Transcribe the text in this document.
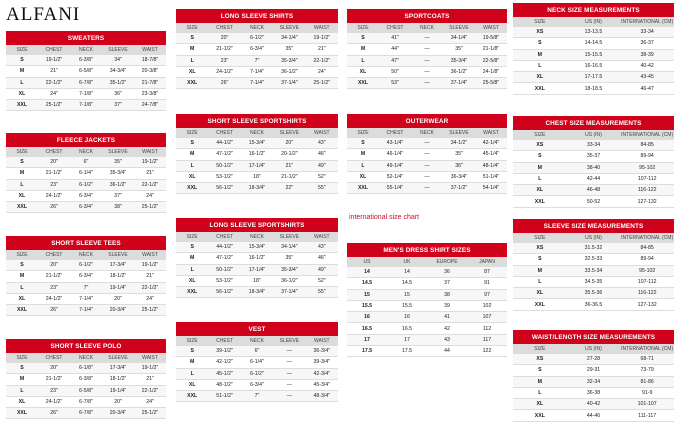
ALFANI
international size chart
SWEATERS				
SIZE	CHEST	NECK	SLEEVE	WAIST
S	19-1/2"	6-3/8"	34"	18-7/8"
M	21"	6-5/8"	34-3/4"	20-3/8"
L	22-1/2"	6-7/8"	35-1/2"	21-7/8"
XL	24"	7-1/8"	36"	23-3/8"
XXL	25-1/2"	7-1/8"	37"	24-7/8"
FLEECE JACKETS				
SIZE	CHEST	NECK	SLEEVE	WAIST
S	20"	6"	35"	19-1/2"
M	21-1/2"	6-1/4"	35-3/4"	21"
L	23"	6-1/2"	36-1/2"	22-1/2"
XL	24-1/2"	6-3/4"	37"	24"
XXL	26"	6-3/4"	38"	25-1/2"
SHORT SLEEVE TEES				
SIZE	CHEST	NECK	SLEEVE	WAIST
S	20"	6-1/2"	17-3/4"	19-1/2"
M	21-1/2"	6-3/4"	18-1/2"	21"
L	23"	7"	19-1/4"	22-1/2"
XL	24-1/2"	7-1/4"	20"	24"
XXL	26"	7-1/4"	20-3/4"	25-1/2"
SHORT SLEEVE POLO				
SIZE	CHEST	NECK	SLEEVE	WAIST
S	20"	6-1/8"	17-3/4"	19-1/2"
M	21-1/2"	6-3/8"	18-1/2"	21"
L	23"	6-5/8"	19-1/4"	22-1/2"
XL	24-1/2"	6-7/8"	20"	24"
XXL	26"	6-7/8"	20-3/4"	25-1/2"
LONG SLEEVE SHIRTS				
SIZE	CHEST	NECK	SLEEVE	WAIST
S	20"	6-1/2"	34-1/4"	19-1/2"
M	21-1/2"	6-3/4"	35"	21"
L	23"	7"	35-3/4"	22-1/2"
XL	24-1/2"	7-1/4"	36-1/2"	24"
XXL	26"	7-1/4"	37-1/4"	25-1/2"
SHORT SLEEVE SPORTSHIRTS				
SIZE	CHEST	NECK	SLEEVE	WAIST
S	44-1/2"	15-3/4"	20"	43"
M	47-1/2"	16-1/2"	20-1/2"	46"
L	50-1/2"	17-1/4"	21"	49"
XL	53-1/2"	18"	21-1/2"	52"
XXL	56-1/2"	18-3/4"	22"	55"
LONG SLEEVE SPORTSHIRTS				
SIZE	CHEST	NECK	SLEEVE	WAIST
S	44-1/2"	15-3/4"	34-1/4"	43"
M	47-1/2"	16-1/2"	35"	46"
L	50-1/2"	17-1/4"	35-3/4"	49"
XL	53-1/2"	18"	36-1/2"	52"
XXL	56-1/2"	18-3/4"	37-1/4"	55"
VEST				
SIZE	CHEST	NECK	SLEEVE	WAIST
S	39-1/2"	6"	—	36-3/4"
M	42-1/2"	6-1/4"	—	39-3/4"
L	45-1/2"	6-1/2"	—	42-3/4"
XL	48-1/2"	6-3/4"	—	45-3/4"
XXL	51-1/2"	7"	—	48-3/4"
SPORTCOATS				
SIZE	CHEST	NECK	SLEEVE	WAIST
S	41"	—	34-1/4"	19-5/8"
M	44"	—	35"	21-1/8"
L	47"	—	35-3/4"	22-5/8"
XL	50"	—	36-1/2"	24-1/8"
XXL	53"	—	37-1/4"	25-5/8"
OUTERWEAR				
SIZE	CHEST	NECK	SLEEVE	WAIST
S	43-1/4"	—	34-1/2"	42-1/4"
M	46-1/4"	—	35"	45-1/4"
L	49-1/4"	—	36"	48-1/4"
XL	52-1/4"	—	36-3/4"	51-1/4"
XXL	55-1/4"	—	37-1/2"	54-1/4"
MEN'S DRESS SHIRT SIZES			
US	UK	EUROPE	JAPAN
14	14	36	87
14.5	14.5	37	91
15	15	38	97
15.5	15.5	39	102
16	16	41	107
16.5	16.5	42	112
17	17	43	117
17.5	17.5	44	122
NECK SIZE MEASUREMENTS		
SIZE	US (IN)	INTERNATIONAL (CM)
XS	13-13.5	33-34
S	14-14.5	36-37
M	15-15.5	38-39
L	16-16.5	40-42
XL	17-17.5	43-45
XXL	18-18.5	46-47
CHEST SIZE MEASUREMENTS		
SIZE	US (IN)	INTERNATIONAL (CM)
XS	33-34	84-85
S	35-37	89-94
M	38-40	95-102
L	42-44	107-112
XL	46-48	116-122
XXL	50-52	127-132
SLEEVE SIZE MEASUREMENTS		
SIZE	US (IN)	INTERNATIONAL (CM)
XS	31.5-32	84-85
S	32.5-33	89-94
M	33.5-34	95-102
L	34.5-35	107-112
XL	35.5-36	116-122
XXL	36-36.5	127-132
WAIST/LENGTH SIZE MEASUREMENTS		
SIZE	US (IN)	INTERNATIONAL (CM)
XS	27-28	68-71
S	29-31	73-79
M	32-34	81-86
L	36-38	91-9
XL	40-42	101-107
XXL	44-46	111-117
